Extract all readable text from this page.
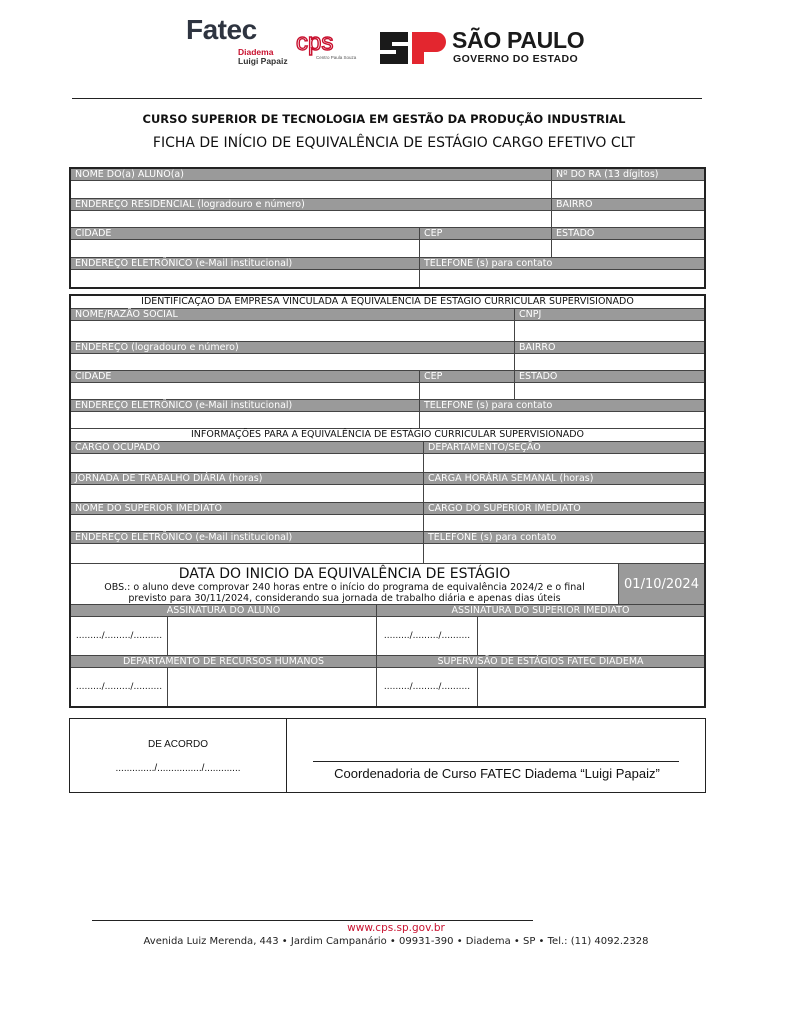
Fatec
Diadema
Luigi Papaiz
cps
Centro Paula Souza
SÃO PAULO
GOVERNO DO ESTADO
CURSO SUPERIOR DE TECNOLOGIA EM GESTÃO DA PRODUÇÃO INDUSTRIAL
FICHA DE INÍCIO DE EQUIVALÊNCIA DE ESTÁGIO CARGO EFETIVO CLT
NOME DO(a) ALUNO(a)	Nº DO RA (13 dígitos)
ENDEREÇO RESIDENCIAL (logradouro e número)	BAIRRO
CIDADE	CEP	ESTADO
ENDEREÇO ELETRÔNICO (e-Mail institucional)	TELEFONE (s) para contato
IDENTIFICAÇÃO DA EMPRESA VINCULADA À EQUIVALÊNCIA DE ESTÁGIO CURRICULAR SUPERVISIONADO
NOME/RAZÃO SOCIAL	CNPJ
ENDEREÇO (logradouro e número)	BAIRRO
CIDADE	CEP	ESTADO
ENDEREÇO ELETRÔNICO (e-Mail institucional)	TELEFONE (s) para contato
INFORMAÇÕES PARA A EQUIVALÊNCIA DE ESTÁGIO CURRICULAR SUPERVISIONADO
CARGO OCUPADO	DEPARTAMENTO/SEÇÃO
JORNADA DE TRABALHO DIÁRIA (horas)	CARGA HORÁRIA SEMANAL (horas)
NOME DO SUPERIOR IMEDIATO	CARGO DO SUPERIOR IMEDIATO
ENDEREÇO ELETRÔNICO (e-Mail institucional)	TELEFONE (s) para contato
DATA DO INICIO DA EQUIVALÊNCIA DE ESTÁGIO
OBS.: o aluno deve comprovar 240 horas entre o início do programa de equivalência 2024/2 e o final
previsto para 30/11/2024, considerando sua jornada de trabalho diária e apenas dias úteis
01/10/2024
ASSINATURA DO ALUNO
........./........./..........
ASSINATURA DO SUPERIOR IMEDIATO
........./........./..........
DEPARTAMENTO DE RECURSOS HUMANOS
........./........./..........
SUPERVISÃO DE ESTÁGIOS FATEC DIADEMA
........./........./..........
DE ACORDO
............../................/.............	Coordenadoria de Curso FATEC Diadema “Luigi Papaiz”
www.cps.sp.gov.br
Avenida Luiz Merenda, 443 • Jardim Campanário • 09931-390 • Diadema • SP • Tel.: (11) 4092.2328
